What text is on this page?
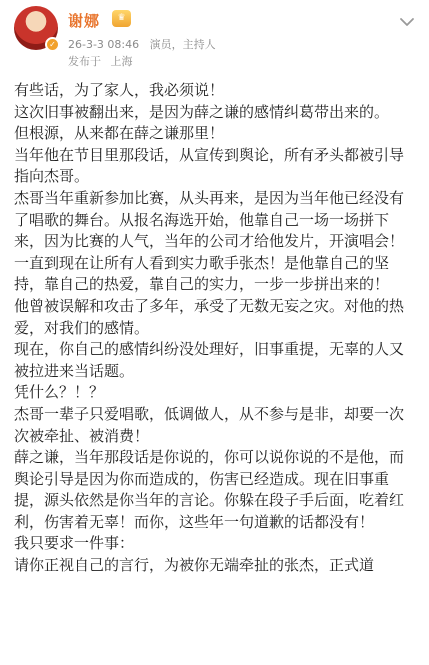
✓
谢娜	♛
26-3-3 08:46 演员，主持人
发布于 上海

有些话，为了家人，我必须说！

这次旧事被翻出来，是因为薛之谦的感情纠葛带出来的。

但根源，从来都在薛之谦那里！

当年他在节目里那段话，从宣传到舆论，所有矛头都被引导指向杰哥。

杰哥当年重新参加比赛，从头再来，是因为当年他已经没有了唱歌的舞台。从报名海选开始，他靠自己一场一场拼下来，因为比赛的人气，当年的公司才给他发片，开演唱会！一直到现在让所有人看到实力歌手张杰！是他靠自己的坚持，靠自己的热爱，靠自己的实力，一步一步拼出来的！

他曾被误解和攻击了多年，承受了无数无妄之灾。对他的热爱，对我们的感情。

现在，你自己的感情纠纷没处理好，旧事重提，无辜的人又被拉进来当话题。

凭什么？！？

杰哥一辈子只爱唱歌，低调做人，从不参与是非，却要一次次被牵扯、被消费！

薛之谦，当年那段话是你说的，你可以说你说的不是他，而舆论引导是因为你而造成的，伤害已经造成。现在旧事重提，源头依然是你当年的言论。你躲在段子手后面，吃着红利，伤害着无辜！而你，这些年一句道歉的话都没有！

我只要求一件事：

请你正视自己的言行，为被你无端牵扯的张杰，正式道
